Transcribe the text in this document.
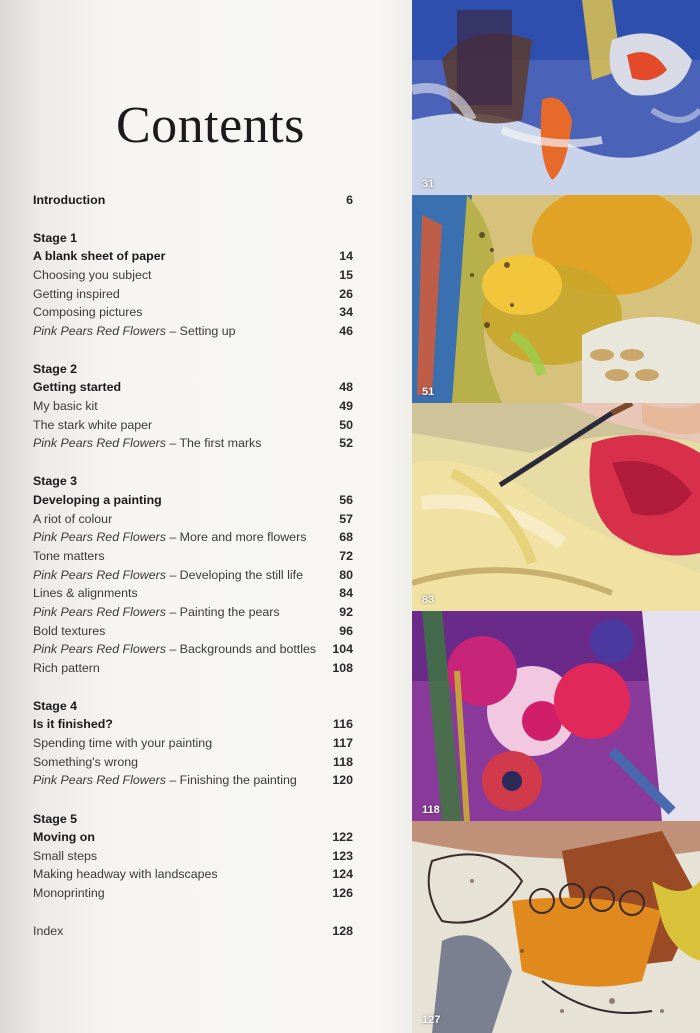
Contents
Introduction	6
Stage 1
A blank sheet of paper	14
Choosing you subject	15
Getting inspired	26
Composing pictures	34
Pink Pears Red Flowers – Setting up	46
Stage 2
Getting started	48
My basic kit	49
The stark white paper	50
Pink Pears Red Flowers – The first marks	52
Stage 3
Developing a painting	56
A riot of colour	57
Pink Pears Red Flowers – More and more flowers	68
Tone matters	72
Pink Pears Red Flowers – Developing the still life	80
Lines & alignments	84
Pink Pears Red Flowers – Painting the pears	92
Bold textures	96
Pink Pears Red Flowers – Backgrounds and bottles 104
Rich pattern	108
Stage 4
Is it finished?	116
Spending time with your painting	117
Something's wrong	118
Pink Pears Red Flowers – Finishing the painting	120
Stage 5
Moving on	122
Small steps	123
Making headway with landscapes	124
Monoprinting	126
Index	128
31
51
83
118
127
